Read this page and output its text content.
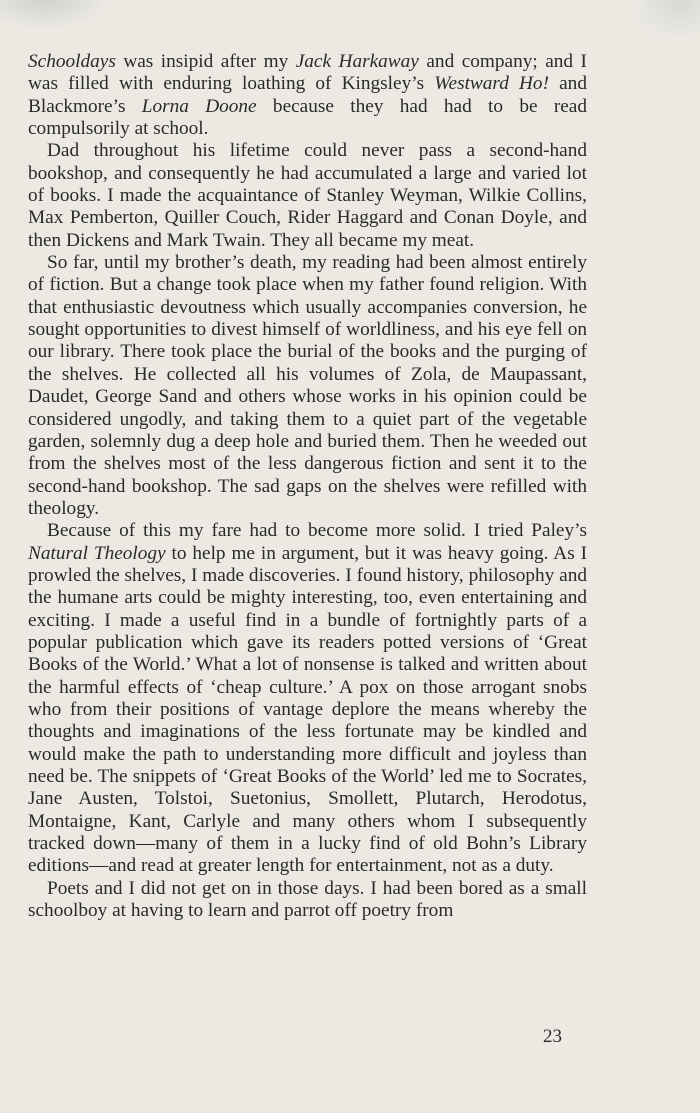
Schooldays was insipid after my Jack Harkaway and company; and I was filled with enduring loathing of Kingsley’s Westward Ho! and Blackmore’s Lorna Doone because they had had to be read compulsorily at school.

Dad throughout his lifetime could never pass a second-hand bookshop, and consequently he had accumulated a large and varied lot of books. I made the acquaintance of Stanley Weyman, Wilkie Collins, Max Pemberton, Quiller Couch, Rider Haggard and Conan Doyle, and then Dickens and Mark Twain. They all became my meat.

So far, until my brother’s death, my reading had been almost entirely of fiction. But a change took place when my father found religion. With that enthusiastic devoutness which usually accompanies conversion, he sought opportunities to divest himself of worldliness, and his eye fell on our library. There took place the burial of the books and the purging of the shelves. He collected all his volumes of Zola, de Maupassant, Daudet, George Sand and others whose works in his opinion could be considered ungodly, and taking them to a quiet part of the vegetable garden, solemnly dug a deep hole and buried them. Then he weeded out from the shelves most of the less dangerous fiction and sent it to the second-hand bookshop. The sad gaps on the shelves were refilled with theology.

Because of this my fare had to become more solid. I tried Paley’s Natural Theology to help me in argument, but it was heavy going. As I prowled the shelves, I made discoveries. I found history, philosophy and the humane arts could be mighty interesting, too, even entertaining and exciting. I made a useful find in a bundle of fortnightly parts of a popular publication which gave its readers potted versions of ‘Great Books of the World.’ What a lot of nonsense is talked and written about the harmful effects of ‘cheap culture.’ A pox on those arrogant snobs who from their positions of vantage deplore the means whereby the thoughts and imaginations of the less fortunate may be kindled and would make the path to understanding more difficult and joyless than need be. The snippets of ‘Great Books of the World’ led me to Socrates, Jane Austen, Tolstoi, Suetonius, Smollett, Plutarch, Herodotus, Montaigne, Kant, Carlyle and many others whom I subsequently tracked down—many of them in a lucky find of old Bohn’s Library editions—and read at greater length for entertainment, not as a duty.

Poets and I did not get on in those days. I had been bored as a small schoolboy at having to learn and parrot off poetry from

23
